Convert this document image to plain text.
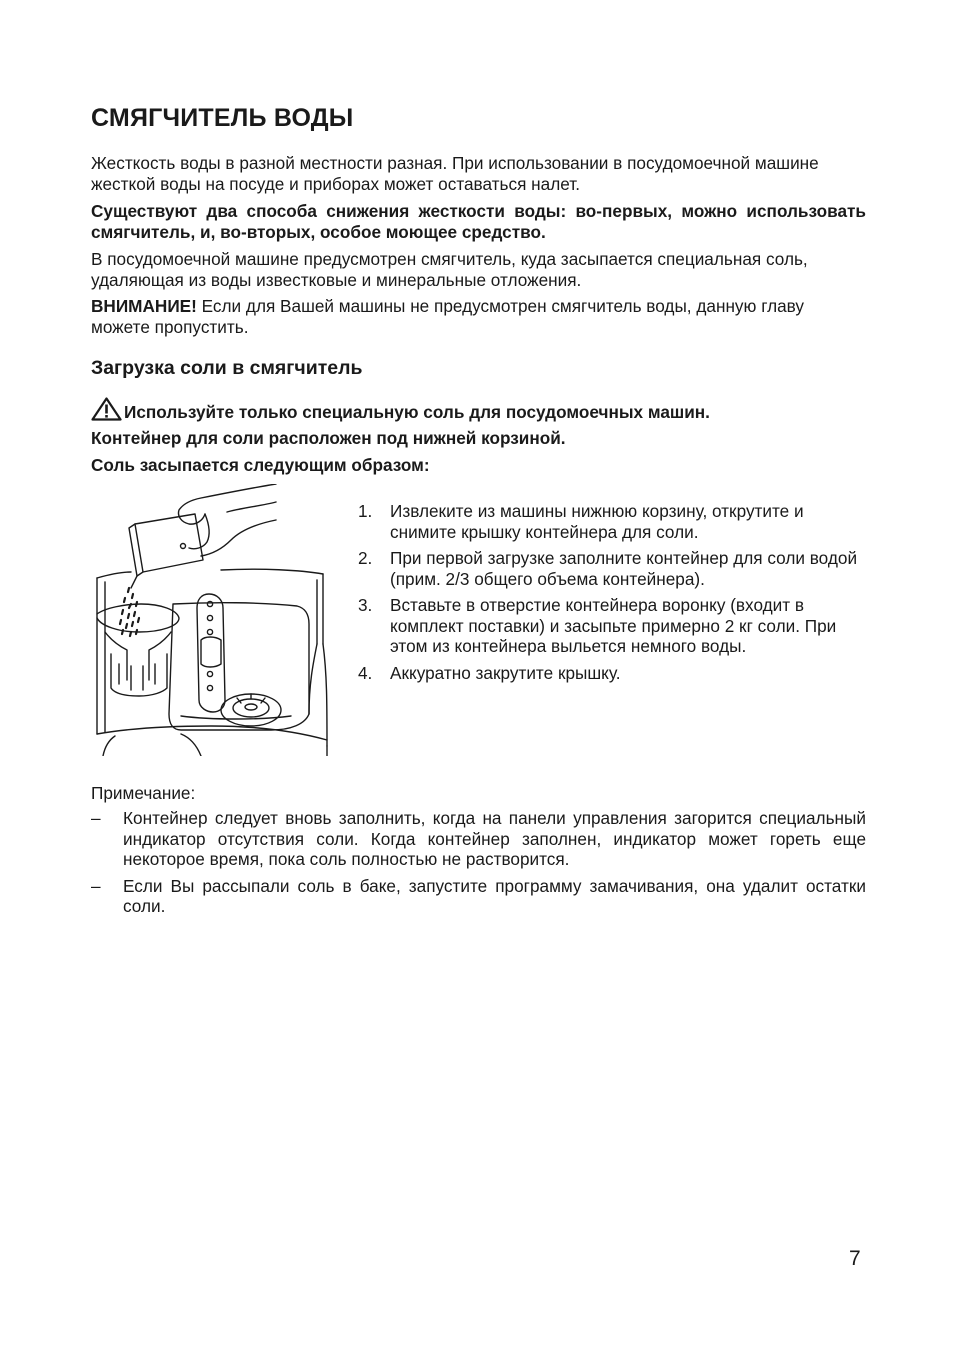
СМЯГЧИТЕЛЬ ВОДЫ

Жесткость воды в разной местности разная. При использовании в посудомоечной машине жесткой воды на посуде и приборах может оставаться налет.

Существуют два способа снижения жесткости воды: во-первых, можно использовать смягчитель, и, во-вторых, особое моющее средство.

В посудомоечной машине предусмотрен смягчитель, куда засыпается специальная соль, удаляющая из воды известковые и минеральные отложения.

ВНИМАНИЕ! Если для Вашей машины не предусмотрен смягчитель воды, данную главу можете пропустить.

Загрузка соли в смягчитель
Используйте только специальную соль для посудомоечных машин.
Контейнер для соли расположен под нижней корзиной.
Соль засыпается следующим образом:
1.	Извлеките из машины нижнюю корзину, открутите и снимите крышку контейнера для соли.
2.	При первой загрузке заполните контейнер для соли водой (прим. 2/3 общего объема контейнера).
3.	Вставьте в отверстие контейнера воронку (входит в комплект поставки) и засыпьте примерно 2 кг соли. При этом из контейнера выльется немного воды.
4.	Аккуратно закрутите крышку.

Примечание:

–	Контейнер следует вновь заполнить, когда на панели управления загорится специальный индикатор отсутствия соли. Когда контейнер заполнен, индикатор может гореть еще некоторое время, пока соль полностью не растворится.
–	Если Вы рассыпали соль в баке, запустите программу замачивания, она удалит остатки соли.
7
